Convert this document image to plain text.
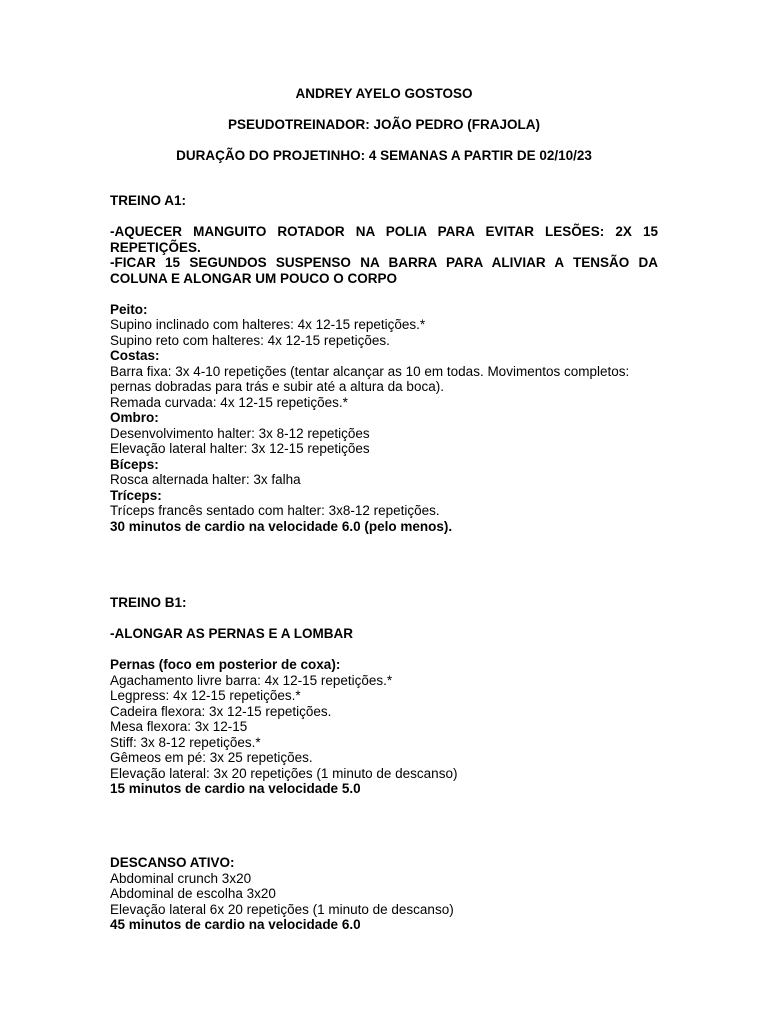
ANDREY AYELO GOSTOSO
PSEUDOTREINADOR: JOÃO PEDRO (FRAJOLA)
DURAÇÃO DO PROJETINHO: 4 SEMANAS A PARTIR DE 02/10/23
TREINO A1:
-AQUECER MANGUITO ROTADOR NA POLIA PARA EVITAR LESÕES: 2X 15 REPETIÇÕES.
-FICAR 15 SEGUNDOS SUSPENSO NA BARRA PARA ALIVIAR A TENSÃO DA COLUNA E ALONGAR UM POUCO O CORPO
Peito:
Supino inclinado com halteres: 4x 12-15 repetições.*
Supino reto com halteres: 4x 12-15 repetições.
Costas:
Barra fixa: 3x 4-10 repetições (tentar alcançar as 10 em todas. Movimentos completos: pernas dobradas para trás e subir até a altura da boca).
Remada curvada: 4x 12-15 repetições.*
Ombro:
Desenvolvimento halter: 3x 8-12 repetições
Elevação lateral halter: 3x 12-15 repetições
Bíceps:
Rosca alternada halter: 3x falha
Tríceps:
Tríceps francês sentado com halter: 3x8-12 repetições.
30 minutos de cardio na velocidade 6.0 (pelo menos).
TREINO B1:
-ALONGAR AS PERNAS E A LOMBAR
Pernas (foco em posterior de coxa):
Agachamento livre barra: 4x 12-15 repetições.*
Legpress: 4x 12-15 repetições.*
Cadeira flexora: 3x 12-15 repetições.
Mesa flexora: 3x 12-15
Stiff: 3x 8-12 repetições.*
Gêmeos em pé: 3x 25 repetições.
Elevação lateral: 3x 20 repetições (1 minuto de descanso)
15 minutos de cardio na velocidade 5.0
DESCANSO ATIVO:
Abdominal crunch 3x20
Abdominal de escolha 3x20
Elevação lateral 6x 20 repetições (1 minuto de descanso)
45 minutos de cardio na velocidade 6.0
